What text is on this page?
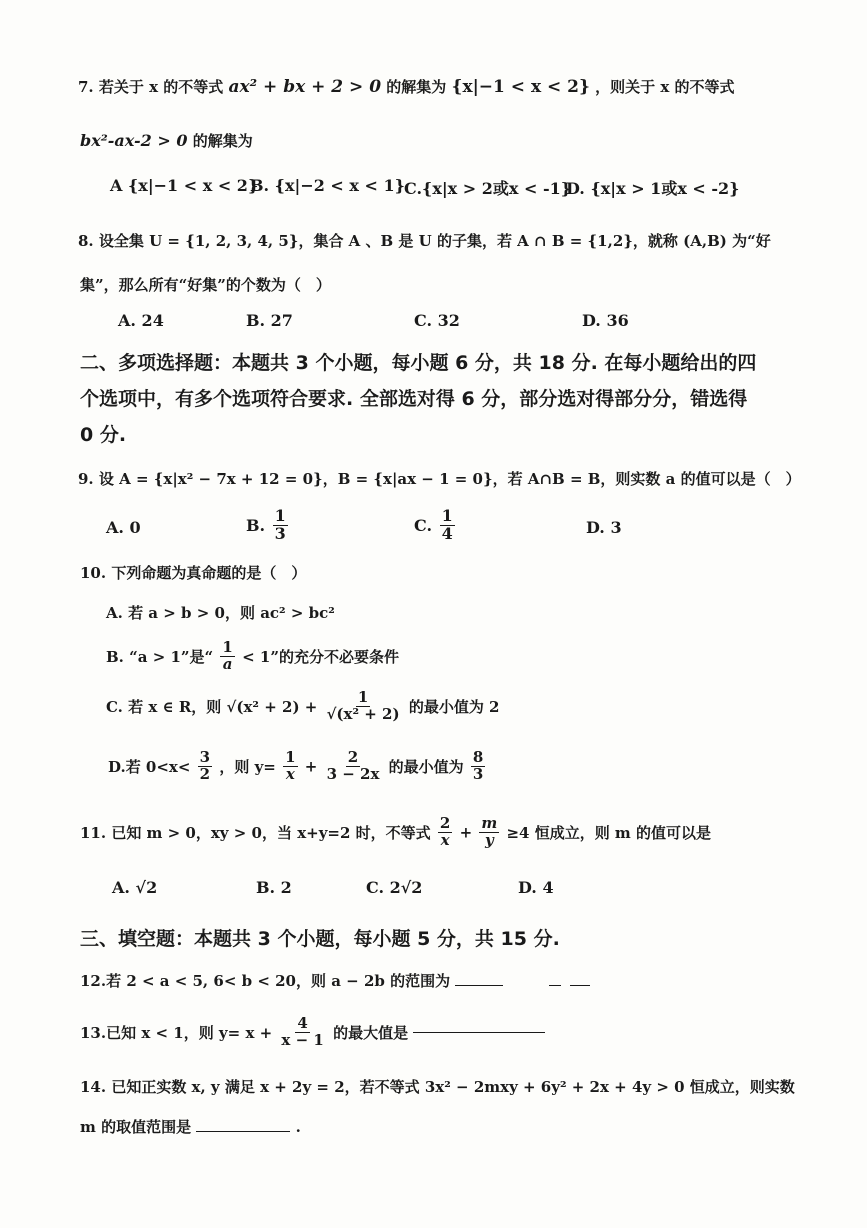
7. 若关于 x 的不等式 ax² + bx + 2 > 0 的解集为 {x|−1 < x < 2} ，则关于 x 的不等式
bx²-ax-2 > 0 的解集为
A {x|−1 < x < 2}
B. {x|−2 < x < 1} C.{x|x > 2或x < -1}
D. {x|x > 1或x < -2}
8. 设全集 U = {1, 2, 3, 4, 5}，集合 A 、B 是 U 的子集，若 A ∩ B = {1,2}，就称 (A,B) 为“好
集”，那么所有“好集”的个数为（　）
A. 24	B. 27	C. 32	D. 36
二、多项选择题：本题共 3 个小题，每小题 6 分，共 18 分. 在每小题给出的四
个选项中，有多个选项符合要求. 全部选对得 6 分，部分选对得部分分，错选得
0 分.
9. 设 A = {x|x² − 7x + 12 = 0}，B = {x|ax − 1 = 0}，若 A∩B = B，则实数 a 的值可以是（　）
A. 0	B. $\frac{1}{3}$	C. $\frac{1}{4}$	D. 3
10. 下列命题为真命题的是（　）
A. 若 a > b > 0，则 ac² > bc²
B. “a > 1”是“ $\frac{1}{a} < 1$”的充分不必要条件
C. 若 x ∈ R，则 $√(x^2 + 2) + \frac{1}{\text{√(x² + 2)}}$ 的最小值为 2
D.若 $0<x< \frac{3}{2}$ ，则 $y= \frac{1}{x} + \frac{2}{3 - 2x}$ 的最小值为 $\frac{8}{3}$
11. 已知 m > 0，xy > 0，当 x+y=2 时，不等式 $\frac{2}{x} + \frac{m}{y} \ge 4$ 恒成立，则 m 的值可以是
A. √2	B. 2	C. 2√2	D. 4
三、填空题：本题共 3 个小题，每小题 5 分，共 15 分.
12.若 2 < a < 5, 6< b < 20，则 a − 2b 的范围为
13.已知 x < 1，则 $y= x + \frac{4}{x - 1}$ 的最大值是
14. 已知正实数 x, y 满足 x + 2y = 2，若不等式 3x² − 2mxy + 6y² + 2x + 4y > 0 恒成立，则实数
m 的取值范围是	.
